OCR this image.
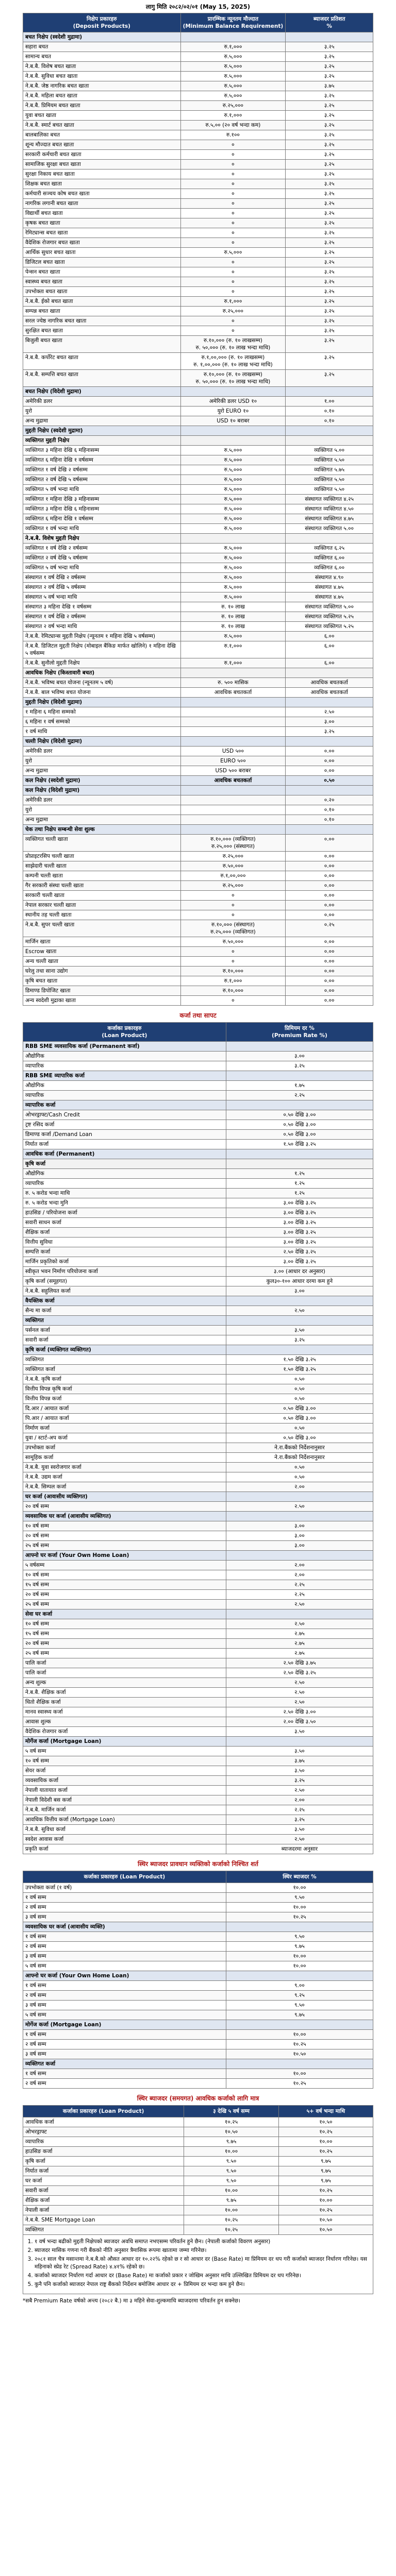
लागु मिति २०८२/०२/०१ (May 15, 2025)
निक्षेप प्रकारहरु
(Deposit Products)	प्रारम्भिक न्यूनतम मौज्दात
(Minimum Balance Requirement)	ब्याजदर प्रतिशत
%
बचत निक्षेप (स्वदेशी मुद्रामा)		
सहारा बचत	रु.१,०००	३.२५
सामान्य बचत	रु.५,०००	३.२५
ने.ब.बै. विशेष बचत खाता	रु.५,०००	३.२५
ने.ब.बै. सुविधा बचत खाता	रु.५,०००	३.२५
ने.ब.बै. जेष्ठ नागरिक बचत खाता	रु.५,०००	३.७५
ने.ब.बै. महिला बचत खाता	रु.५,०००	३.२५
ने.ब.बै. प्रिमियम बचत खाता	रु.२५,०००	३.२५
युवा बचत खाता	रु.१,०००	३.२५
ने.ब.बै. स्मार्ट बचत खाता	रु.५,०० (२० वर्ष भन्दा कम)	३.२५
बालबालिका बचत	रु.१००	३.२५
शून्य मौज्दात बचत खाता	०	३.२५
सरकारी कर्मचारी बचत खाता	०	३.२५
सामाजिक सुरक्षा बचत खाता	०	३.२५
सुरक्षा निकाय बचत खाता	०	३.२५
शिक्षक बचत खाता	०	३.२५
कर्मचारी सञ्चय कोष बचत खाता	०	३.२५
नागरिक लगानी बचत खाता	०	३.२५
विद्यार्थी बचत खाता	०	३.२५
कृषक बचत खाता	०	३.२५
रेमिट्यान्स बचत खाता	०	३.२५
वैदेशिक रोजगार बचत खाता	०	३.२५
आर्थिक सुधार बचत खाता	रु.५,०००	३.२५
डिजिटल बचत खाता	०	३.२५
पेन्सन बचत खाता	०	३.२५
स्वास्थ्य बचत खाता	०	३.२५
उपभोक्ता बचत खाता	०	३.२५
ने.ब.बै. ईको बचत खाता	रु.१,०००	३.२५
सम्पन्न बचत खाता	रु.२५,०००	३.२५
सरल ज्येष्ठ नागरिक बचत खाता	०	३.२५
सुरक्षित बचत खाता	०	३.२५
बिजुली बचत खाता	रु.१०,००० (रु. १० लाखसम्म)
रु. ५०,००० (रु. १० लाख भन्दा माथि)	३.२५
ने.ब.बै. कर्पोरेट बचत खाता	रु.१,००,००० (रु. १० लाखसम्म)
रु. १,००,००० (रु. १० लाख भन्दा माथि)	३.२५
ने.ब.बै. सम्पत्ति बचत खाता	रु.१०,००० (रु. १० लाखसम्म)
रु. ५०,००० (रु. १० लाख भन्दा माथि)	३.२५
बचत निक्षेप (विदेशी मुद्रामा)		
अमेरिकी डलर	अमेरिकी डलर USD १०	१.००
युरो	युरो EURO १०	०.१०
अन्य मुद्रामा	USD १० बराबर	०.१०
मुद्दती निक्षेप (स्वदेशी मुद्रामा)		
व्यक्तिगत मुद्दती निक्षेप		
व्यक्तिगत ३ महिना देखि ६ महिनासम्म	रु.५,०००	व्यक्तिगत ५.००
व्यक्तिगत ६ महिना देखि १ वर्षसम्म	रु.५,०००	व्यक्तिगत ५.५०
व्यक्तिगत १ वर्ष देखि २ वर्षसम्म	रु.५,०००	व्यक्तिगत ५.७५
व्यक्तिगत २ वर्ष देखि ५ वर्षसम्म	रु.५,०००	व्यक्तिगत ५.५०
व्यक्तिगत ५ वर्ष भन्दा माथि	रु.५,०००	व्यक्तिगत ५.५०
व्यक्तिगत १ महिना देखि ३ महिनासम्म	रु.५,०००	संस्थागत व्यक्तिगत ४.२५
व्यक्तिगत ३ महिना देखि ६ महिनासम्म	रु.५,०००	संस्थागत व्यक्तिगत ४.५०
व्यक्तिगत ६ महिना देखि १ वर्षसम्म	रु.५,०००	संस्थागत व्यक्तिगत ४.७५
व्यक्तिगत १ वर्ष भन्दा माथि	रु.५,०००	संस्थागत व्यक्तिगत ५.००
ने.ब.बै. विशेष मुद्दती निक्षेप		
व्यक्तिगत १ वर्ष देखि २ वर्षसम्म	रु.५,०००	व्यक्तिगत ६.२५
व्यक्तिगत २ वर्ष देखि ५ वर्षसम्म	रु.५,०००	व्यक्तिगत ६.००
व्यक्तिगत ५ वर्ष भन्दा माथि	रु.५,०००	व्यक्तिगत ६.००
संस्थागत १ वर्ष देखि २ वर्षसम्म	रु.५,०००	संस्थागत ४.९०
संस्थागत २ वर्ष देखि ५ वर्षसम्म	रु.५,०००	संस्थागत ४.७५
संस्थागत ५ वर्ष भन्दा माथि	रु.५,०००	संस्थागत ४.७५
संस्थागत ३ महिना देखि १ वर्षसम्म	रु. १० लाख	संस्थागत व्यक्तिगत ५.००
संस्थागत १ वर्ष देखि २ वर्षसम्म	रु. १० लाख	संस्थागत व्यक्तिगत ५.२५
संस्थागत २ वर्ष भन्दा माथि	रु. १० लाख	संस्थागत व्यक्तिगत ५.२५
ने.ब.बै. रेमिट्यान्स मुद्दती निक्षेप (न्यूनतम १ महिना देखि ५ वर्षसम्म)	रु.५,०००	६.००
ने.ब.बै. डिजिटल मुद्दती निक्षेप (मोबाइल बैंकिङ मार्फत खोलिने) १ महिना देखि ५ वर्षसम्म	रु.१,०००	६.००
ने.ब.बै. सुनौलो मुद्दती निक्षेप	रु.१,०००	६.००
आवधिक निक्षेप (किस्तावारी बचत)		
ने.ब.बै. भविष्य बचत योजना (न्यूनतम ५ वर्ष)	रु. ५०० मासिक	आवधिक बचतकर्ता
ने.ब.बै. बाल भविष्य बचत योजना	आवधिक बचतकर्ता	आवधिक बचतकर्ता
मुद्दती निक्षेप (विदेशी मुद्रामा)		
१ महिना ६ महिना सम्मको		२.५०
६ महिना १ वर्ष सम्मको		३.००
१ वर्ष माथि		३.२५
चल्ती निक्षेप (विदेशी मुद्रामा)		
अमेरिकी डलर	USD ५००	०.००
युरो	EURO ५००	०.००
अन्य मुद्रामा	USD ५०० बराबर	०.००
कल निक्षेप (स्वदेशी मुद्रामा)	आवधिक बचतकर्ता	०.५०
कल निक्षेप (विदेशी मुद्रामा)		
अमेरिकी डलर		०.२०
युरो		०.१०
अन्य मुद्रामा		०.१०
चेक तथा निक्षेप सम्बन्धी सेवा शुल्क		
व्यक्तिगत चल्ती खाता	रु.१०,००० (व्यक्तिगत)
रु.२५,००० (संस्थागत)	०.००
प्रोप्राइटरसिप चल्ती खाता	रु.२५,०००	०.००
साझेदारी चल्ती खाता	रु.५०,०००	०.००
कम्पनी चल्ती खाता	रु.१,००,०००	०.००
गैर सरकारी संस्था चल्ती खाता	रु.२५,०००	०.००
सरकारी चल्ती खाता	०	०.००
नेपाल सरकार चल्ती खाता	०	०.००
स्थानीय तह चल्ती खाता	०	०.००
ने.ब.बै. सुपर चल्ती खाता	रु.१०,००० (संस्थागत)
रु.२५,००० (व्यक्तिगत)	०.२५
मार्जिन खाता	रु.५०,०००	०.००
Escrow खाता	०	०.००
अन्य चल्ती खाता	०	०.००
घरेलु तथा साना उद्योग	रु.१०,०००	०.००
कृषि बचत खाता	रु.१,०००	०.००
डिमाण्ड डिपोजिट खाता	रु.१०,०००	०.००
अन्य स्वदेशी मुद्राका खाता	०	०.००
कर्जा तथा सापट
कर्जाका प्रकारहरु
(Loan Product)	प्रिमियम दर %
(Premium Rate %)
RBB SME व्यवसायिक कर्जा (Permanent कर्जा)	
औद्योगिक	३.००
व्यापारिक	३.२५
RBB SME व्यापारिक कर्जा	
औद्योगिक	१.७५
व्यापारिक	२.२५
व्यापारिक कर्जा	
ओभरड्राफ्ट/Cash Credit	०.५० देखि ३.००
ट्रष्ट रसिद कर्जा	०.५० देखि ३.००
डिमाण्ड कर्जा /Demand Loan	०.५० देखि ३.००
निर्यात कर्जा	१.५० देखि ३.२५
आवधिक कर्जा (Permanent)	
कृषि कर्जा	
औद्योगिक	१.२५
व्यापारिक	१.२५
रु. ५ करोड भन्दा माथि	१.२५
रु. ५ करोड भन्दा मुनि	३.०० देखि ३.२५
हाउसिङ / परियोजना कर्जा	३.०० देखि ३.२५
सवारी साधन कर्जा	३.०० देखि ३.२५
शैक्षिक कर्जा	३.०० देखि ३.२५
वित्तीय सुविधा	३.०० देखि ३.२५
सम्पत्ति कर्जा	२.५० देखि ३.२५
मार्जिन प्रकृतिको कर्जा	३.०० देखि ३.२५
स्वीकृत भवन निर्माण परियोजना कर्जा	३.०० (आधार दर अनुसार)
कृषि कर्जा (समूहगत)	कुल३०-१०० आधार दरमा कम हुने
ने.ब.बै. सहुलियत कर्जा	३.००
वैयक्तिक कर्जा	
सैन्य मा कर्जा	२.५०
व्यक्तिगत	
पर्सनल कर्जा	३.५०
सवारी कर्जा	३.२५
कृषि कर्जा (व्यक्तिगत व्यक्तिगत)	
व्यक्तिगत	१.५० देखि ३.२५
व्यक्तिगत कर्जा	१.५० देखि ३.२५
ने.ब.बै. कृषि कर्जा	०.५०
वित्तीय विपन्न कृषि कर्जा	०.५०
वित्तीय विपन्न कर्जा	०.५०
दि.आर / आयात कर्जा	०.५० देखि ३.००
पि.आर / आयात कर्जा	०.५० देखि ३.००
निर्माण कर्जा	०.५०
युवा / स्टार्ट-अप कर्जा	०.५० देखि ३.००
उपभोक्ता कर्जा	ने.रा.बैंकको निर्देशनानुसार
सामूहिक कर्जा	ने.रा.बैंकको निर्देशनानुसार
ने.ब.बै. युवा स्वरोजगार कर्जा	०.५०
ने.ब.बै. उद्यम कर्जा	०.५०
ने.ब.बै. सिम्पल कर्जा	२.००
घर कर्जा (आवासीय व्यक्तिगत)	
२० वर्ष सम्म	२.५०
व्यवसायिक घर कर्जा (आवासीय व्यक्तिगत)	
१० वर्ष सम्म	३.००
२० वर्ष सम्म	३.००
२५ वर्ष सम्म	३.००
आफ्नो घर कर्जा (Your Own Home Loan)	
५ वर्षसम्म	२.००
१० वर्ष सम्म	२.००
१५ वर्ष सम्म	२.२५
२० वर्ष सम्म	२.२५
२५ वर्ष सम्म	२.५०
सेवा घर कर्जा	
१० वर्ष सम्म	२.५०
१५ वर्ष सम्म	२.७५
२० वर्ष सम्म	२.७५
२५ वर्ष सम्म	२.७५
पालि कर्जा	२.५० देखि ३.७५
पालि कर्जा	२.५० देखि ३.२५
अन्य शुल्क	२.५०
ने.ब.बै. शैक्षिक कर्जा	२.५०
धितो शैक्षिक कर्जा	२.५०
मानव स्वास्थ्य कर्जा	२.५० देखि ३.००
आवास शुल्क	२.०० देखि ३.५०
वैदेशिक रोजगार कर्जा	३.५०
मोर्गेज कर्जा (Mortgage Loan)	
५ वर्ष सम्म	३.५०
१० वर्ष सम्म	३.७५
सेयर कर्जा	३.५०
व्यवसायिक कर्जा	३.२५
नेपाली यातायात कर्जा	२.५०
नेपाली विदेशी बस कर्जा	२.००
ने.ब.बै. मार्जिन कर्जा	२.२५
आवधिक वित्तीय कर्जा (Mortgage Loan)	३.२५
ने.ब.बै. सुविधा कर्जा	३.५०
स्वदेश आवास कर्जा	२.५०
प्रकृति कर्जा	ब्याजदरमा अनुसार
स्थिर ब्याजदर प्रावधान व्यक्तिको कर्जाको निश्चित शर्त
कर्जाका प्रकारहरु (Loan Product)	स्थिर ब्याजदर %
उपभोक्ता कर्जा (१ वर्ष)	१०.००
१ वर्ष सम्म	९.५०
२ वर्ष सम्म	१०.००
३ वर्ष सम्म	१०.२५
व्यवसायिक घर कर्जा (आवासीय व्यक्ति)	
१ वर्ष सम्म	९.५०
२ वर्ष सम्म	९.७५
३ वर्ष सम्म	१०.००
५ वर्ष सम्म	१०.००
आफ्नो घर कर्जा (Your Own Home Loan)	
१ वर्ष सम्म	९.००
२ वर्ष सम्म	९.२५
३ वर्ष सम्म	९.५०
५ वर्ष सम्म	९.७५
मोर्गेज कर्जा (Mortgage Loan)	
१ वर्ष सम्म	१०.००
२ वर्ष सम्म	१०.२५
३ वर्ष सम्म	१०.५०
व्यक्तिगत कर्जा	
१ वर्ष सम्म	१०.००
२ वर्ष सम्म	१०.२५
स्थिर ब्याजदर (समयगत) आवधिक कर्जाको लागि मात्र
कर्जाका प्रकारहरु (Loan Product)	३ देखि ५ वर्ष सम्म	५+ वर्ष भन्दा माथि
आवधिक कर्जा	१०.२५	१०.५०
ओभरड्राफ्ट	१०.५०	१०.२५
व्यापारिक	९.७५	१०.००
हाउसिङ कर्जा	१०.००	१०.२५
कृषि कर्जा	९.५०	९.७५
निर्यात कर्जा	९.५०	९.७५
घर कर्जा	९.५०	९.७५
सवारी कर्जा	१०.००	१०.२५
शैक्षिक कर्जा	९.७५	१०.००
नेपाली कर्जा	१०.००	१०.२५
ने.ब.बै. SME Mortgage Loan	१०.२५	१०.५०
व्यक्तिगत	१०.२५	१०.५०
1. १ वर्ष भन्दा बढीको मुद्दती निक्षेपको ब्याजदर अवधि समाप्त नभएसम्म परिवर्तन हुने छैन। (नेपाली कर्जाको विवरण अनुसार)
2. ब्याजदर मासिक गणना गरी बैंकको नीति अनुसार त्रैमासिक रूपमा खातामा जम्मा गरिनेछ।
3. २०८१ साल चैत्र मसान्तमा ने.ब.बै.को औसत आधार दर १०.२२% रहेको छ र सो आधार दर (Base Rate) मा प्रिमियम दर थप गरी कर्जाको ब्याजदर निर्धारण गरिनेछ। यस महिनाको स्प्रेड रेट (Spread Rate) ४.४१% रहेको छ।
4. कर्जाको ब्याजदर निर्धारण गर्दा आधार दर (Base Rate) मा कर्जाको प्रकार र जोखिम अनुसार माथि उल्लिखित प्रिमियम दर थप गरिनेछ।
5. कुनै पनि कर्जाको ब्याजदर नेपाल राष्ट्र बैंकको निर्देशन बमोजिम आधार दर + प्रिमियम दर भन्दा कम हुने छैन।
*सबै Premium Rate वर्षको अन्त्य (२०८२ बै.) मा ३ महिने सेवा-शुल्कमाथि ब्याजदरमा परिवर्तन हुन सक्नेछ।
